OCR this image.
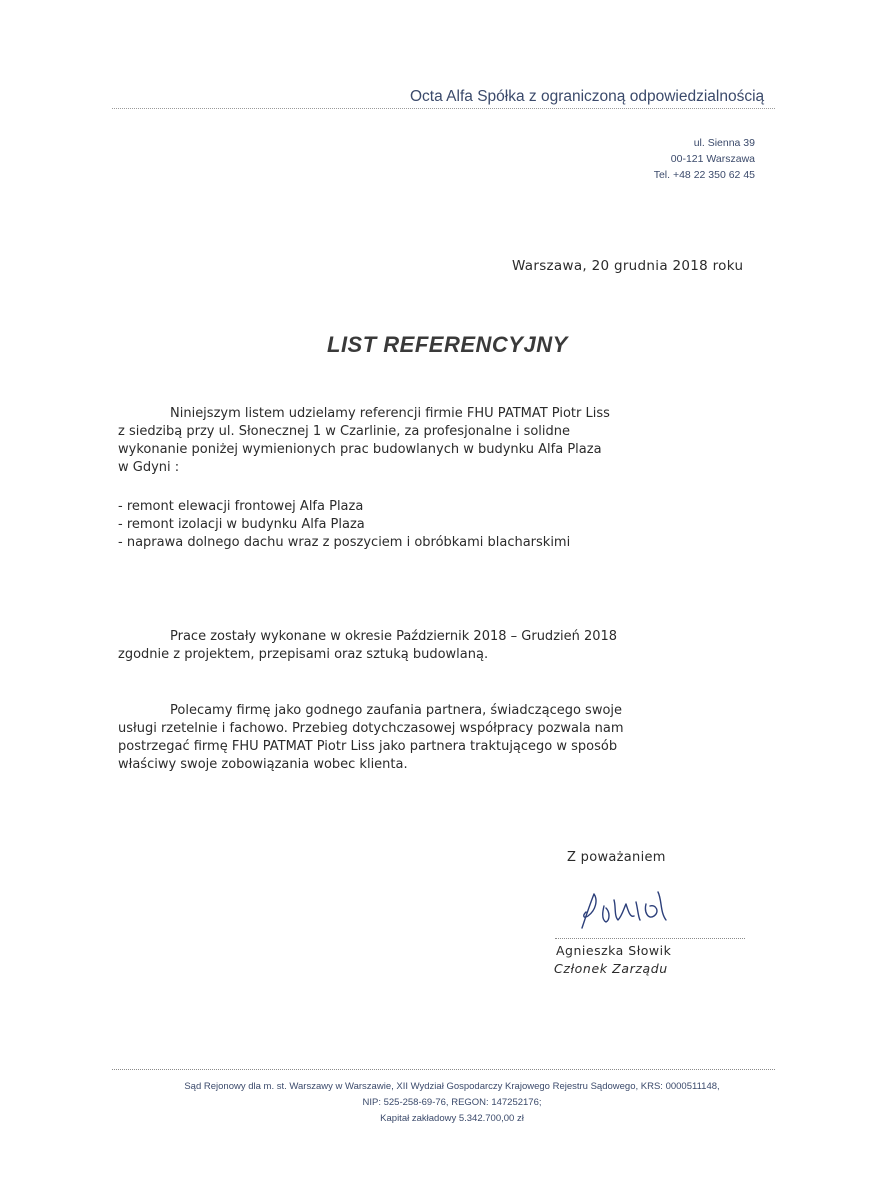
Octa Alfa Spółka z ograniczoną odpowiedzialnością
ul. Sienna 39
00-121 Warszawa
Tel. +48 22 350 62 45
Warszawa, 20 grudnia 2018 roku
LIST REFERENCYJNY
Niniejszym listem udzielamy referencji firmie FHU PATMAT Piotr Liss
z siedzibą przy ul. Słonecznej 1 w Czarlinie, za profesjonalne i solidne
wykonanie poniżej wymienionych prac budowlanych w budynku Alfa Plaza
w Gdyni :
- remont elewacji frontowej Alfa Plaza
- remont izolacji w budynku Alfa Plaza
- naprawa dolnego dachu wraz z poszyciem i obróbkami blacharskimi
Prace zostały wykonane w okresie Październik 2018 – Grudzień 2018
zgodnie z projektem, przepisami oraz sztuką budowlaną.
Polecamy firmę jako godnego zaufania partnera, świadczącego swoje
usługi rzetelnie i fachowo. Przebieg dotychczasowej współpracy pozwala nam
postrzegać firmę FHU PATMAT Piotr Liss jako partnera traktującego w sposób
właściwy swoje zobowiązania wobec klienta.
Z poważaniem
Agnieszka Słowik
Członek Zarządu
Sąd Rejonowy dla m. st. Warszawy w Warszawie, XII Wydział Gospodarczy Krajowego Rejestru Sądowego, KRS: 0000511148,
NIP: 525-258-69-76, REGON: 147252176;
Kapitał zakładowy 5.342.700,00 zł
